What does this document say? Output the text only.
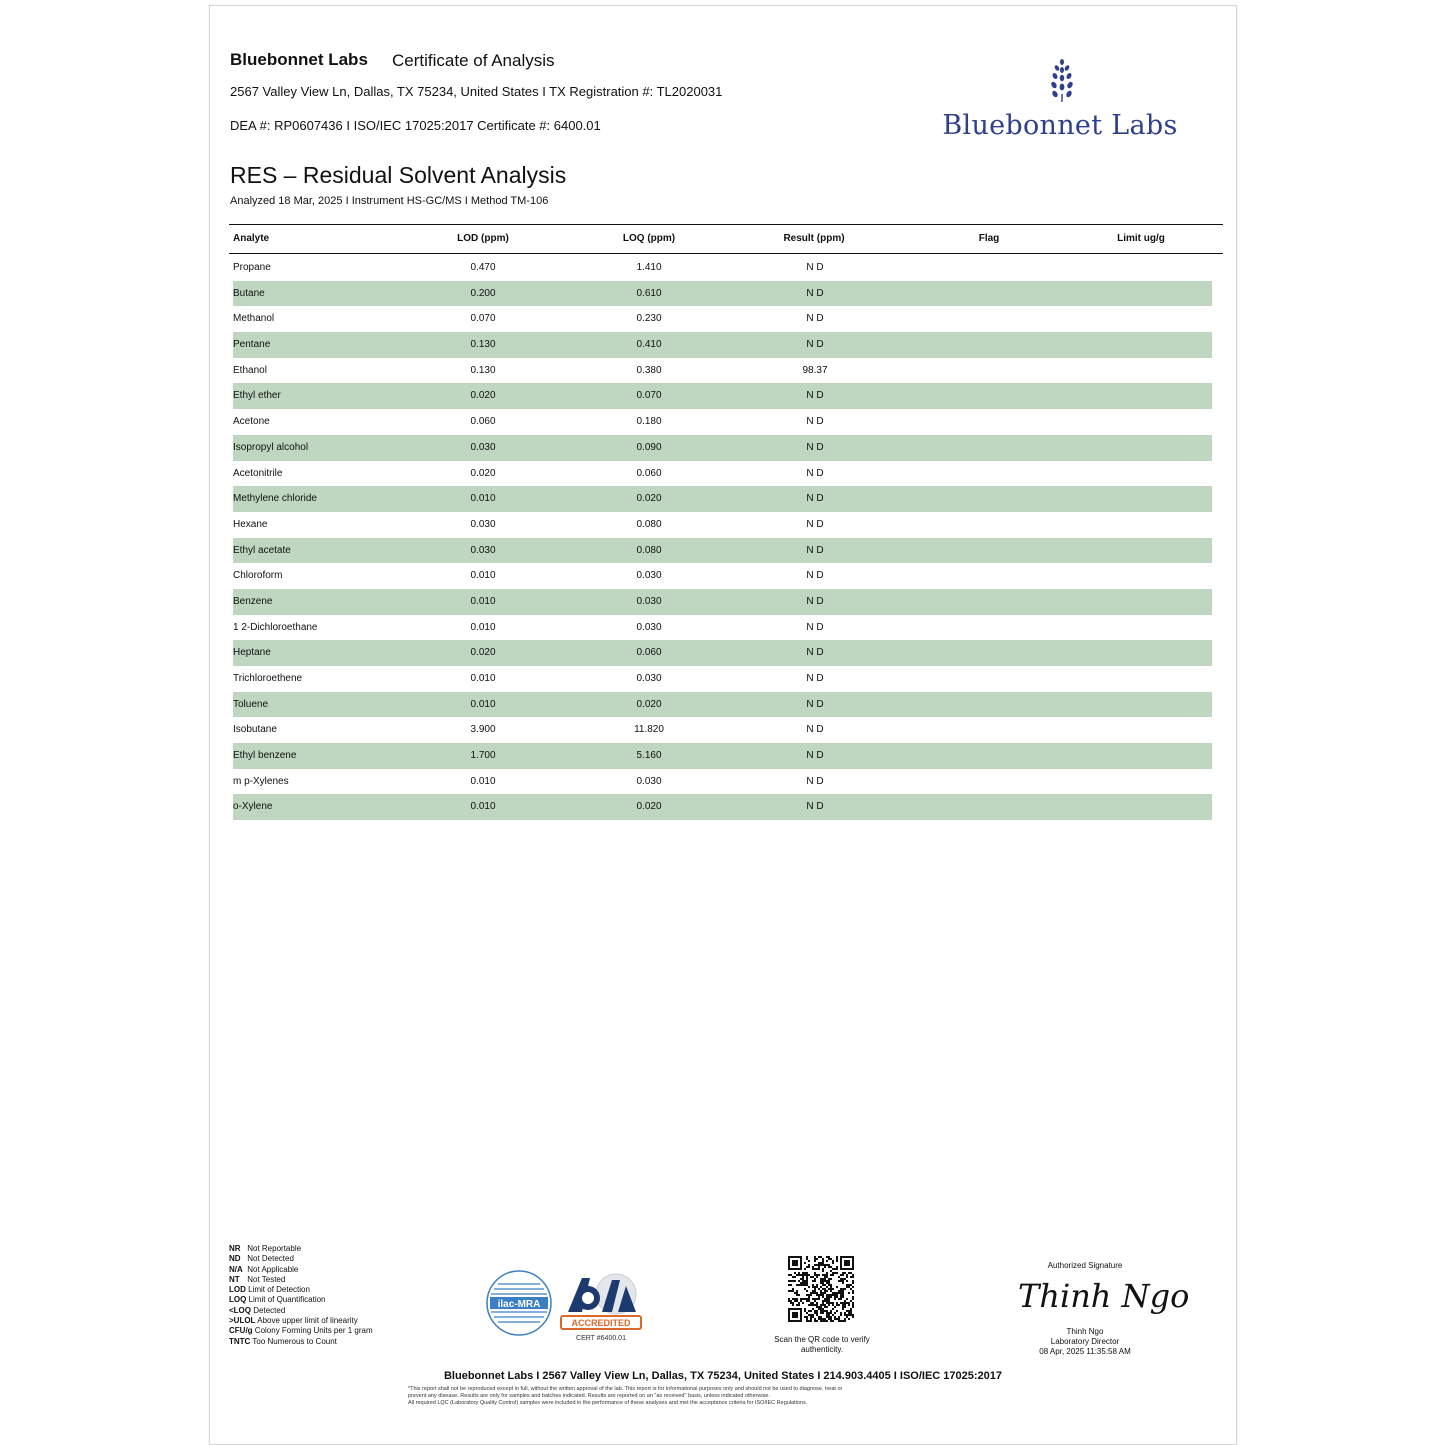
Bluebonnet Labs Certificate of Analysis
2567 Valley View Ln, Dallas, TX 75234, United States I TX Registration #: TL2020031
DEA #: RP0607436 I ISO/IEC 17025:2017 Certificate #: 6400.01	Bluebonnet Labs
RES – Residual Solvent Analysis
Analyzed 18 Mar, 2025 I Instrument HS-GC/MS I Method TM-106
Analyte	LOD (ppm)	LOQ (ppm)	Result (ppm)	Flag	Limit ug/g
Propane	0.470	1.410	N D
Butane	0.200	0.610	N D
Methanol	0.070	0.230	N D
Pentane	0.130	0.410	N D
Ethanol	0.130	0.380	98.37
Ethyl ether	0.020	0.070	N D
Acetone	0.060	0.180	N D
Isopropyl alcohol	0.030	0.090	N D
Acetonitrile	0.020	0.060	N D
Methylene chloride	0.010	0.020	N D
Hexane	0.030	0.080	N D
Ethyl acetate	0.030	0.080	N D
Chloroform	0.010	0.030	N D
Benzene	0.010	0.030	N D
1 2-Dichloroethane	0.010	0.030	N D
Heptane	0.020	0.060	N D
Trichloroethene	0.010	0.030	N D
Toluene	0.010	0.020	N D
Isobutane	3.900	11.820	N D
Ethyl benzene	1.700	5.160	N D
m p-Xylenes	0.010	0.030	N D
o-Xylene	0.010	0.020	N D
NR Not Reportable
ND Not Detected
N/A Not Applicable
NT Not Tested
LOD Limit of Detection
LOQ Limit of Quantification
<LOQ Detected
>ULOL Above upper limit of linearity
CFU/g Colony Forming Units per 1 gram
TNTC Too Numerous to Count
ilac-MRA
ACCREDITED
CERT #6400.01	Scan the QR code to verify authenticity.
Authorized Signature
Thinh Ngo
Thinh Ngo
Laboratory Director
08 Apr, 2025 11:35:58 AM
Bluebonnet Labs I 2567 Valley View Ln, Dallas, TX 75234, United States I 214.903.4405 I ISO/IEC 17025:2017
*This report shall not be reproduced except in full, without the written approval of the lab. This report is for informational purposes only and should not be used to diagnose, treat or
prevent any disease. Results are only for samples and batches indicated. Results are reported on an "as received" basis, unless indicated otherwise.
All required LQC (Laboratory Quality Control) samples were included in the performance of these analyses and met the acceptance criteria for ISO/IEC Regulations.
